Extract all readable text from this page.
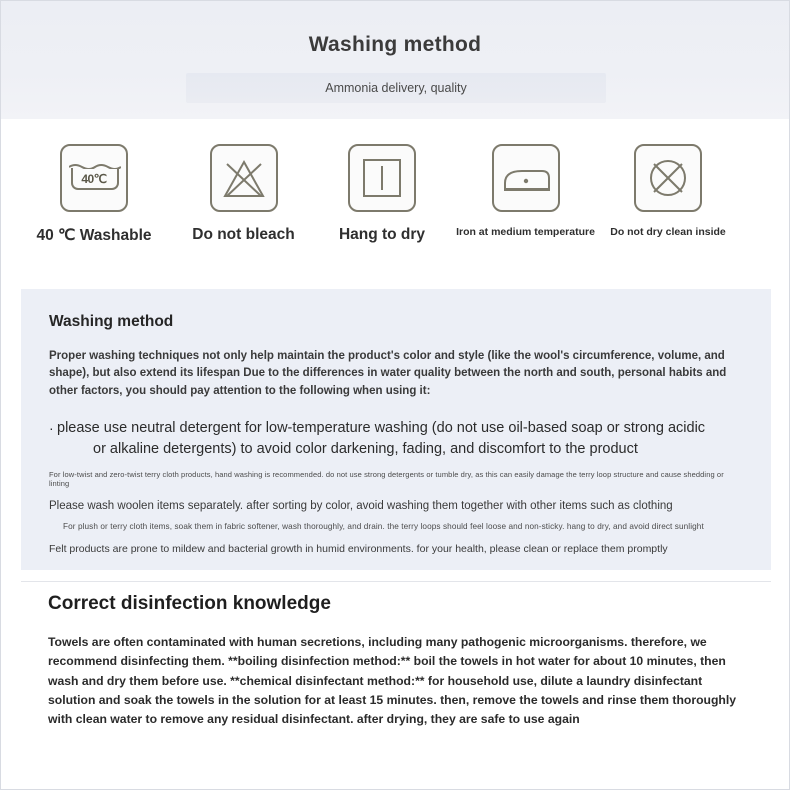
Washing method
Ammonia delivery, quality
40℃
40 ℃ Washable	Do not bleach	Hang to dry	Iron at medium temperature	Do not dry clean inside
Washing method

Proper washing techniques not only help maintain the product's color and style (like the wool's circumference, volume, and shape), but also extend its lifespan Due to the differences in water quality between the north and south, personal habits and other factors, you should pay attention to the following when using it:

· please use neutral detergent for low-temperature washing (do not use oil-based soap or strong acidic
or alkaline detergents) to avoid color darkening, fading, and discomfort to the product
For low-twist and zero-twist terry cloth products, hand washing is recommended. do not use strong detergents or tumble dry, as this can easily damage the terry loop structure and cause shedding or linting
Please wash woolen items separately. after sorting by color, avoid washing them together with other items such as clothing
For plush or terry cloth items, soak them in fabric softener, wash thoroughly, and drain. the terry loops should feel loose and non-sticky. hang to dry, and avoid direct sunlight
Felt products are prone to mildew and bacterial growth in humid environments. for your health, please clean or replace them promptly
Correct disinfection knowledge
Towels are often contaminated with human secretions, including many pathogenic microorganisms. therefore, we recommend disinfecting them. **boiling disinfection method:** boil the towels in hot water for about 10 minutes, then wash and dry them before use. **chemical disinfectant method:** for household use, dilute a laundry disinfectant solution and soak the towels in the solution for at least 15 minutes. then, remove the towels and rinse them thoroughly with clean water to remove any residual disinfectant. after drying, they are safe to use again
